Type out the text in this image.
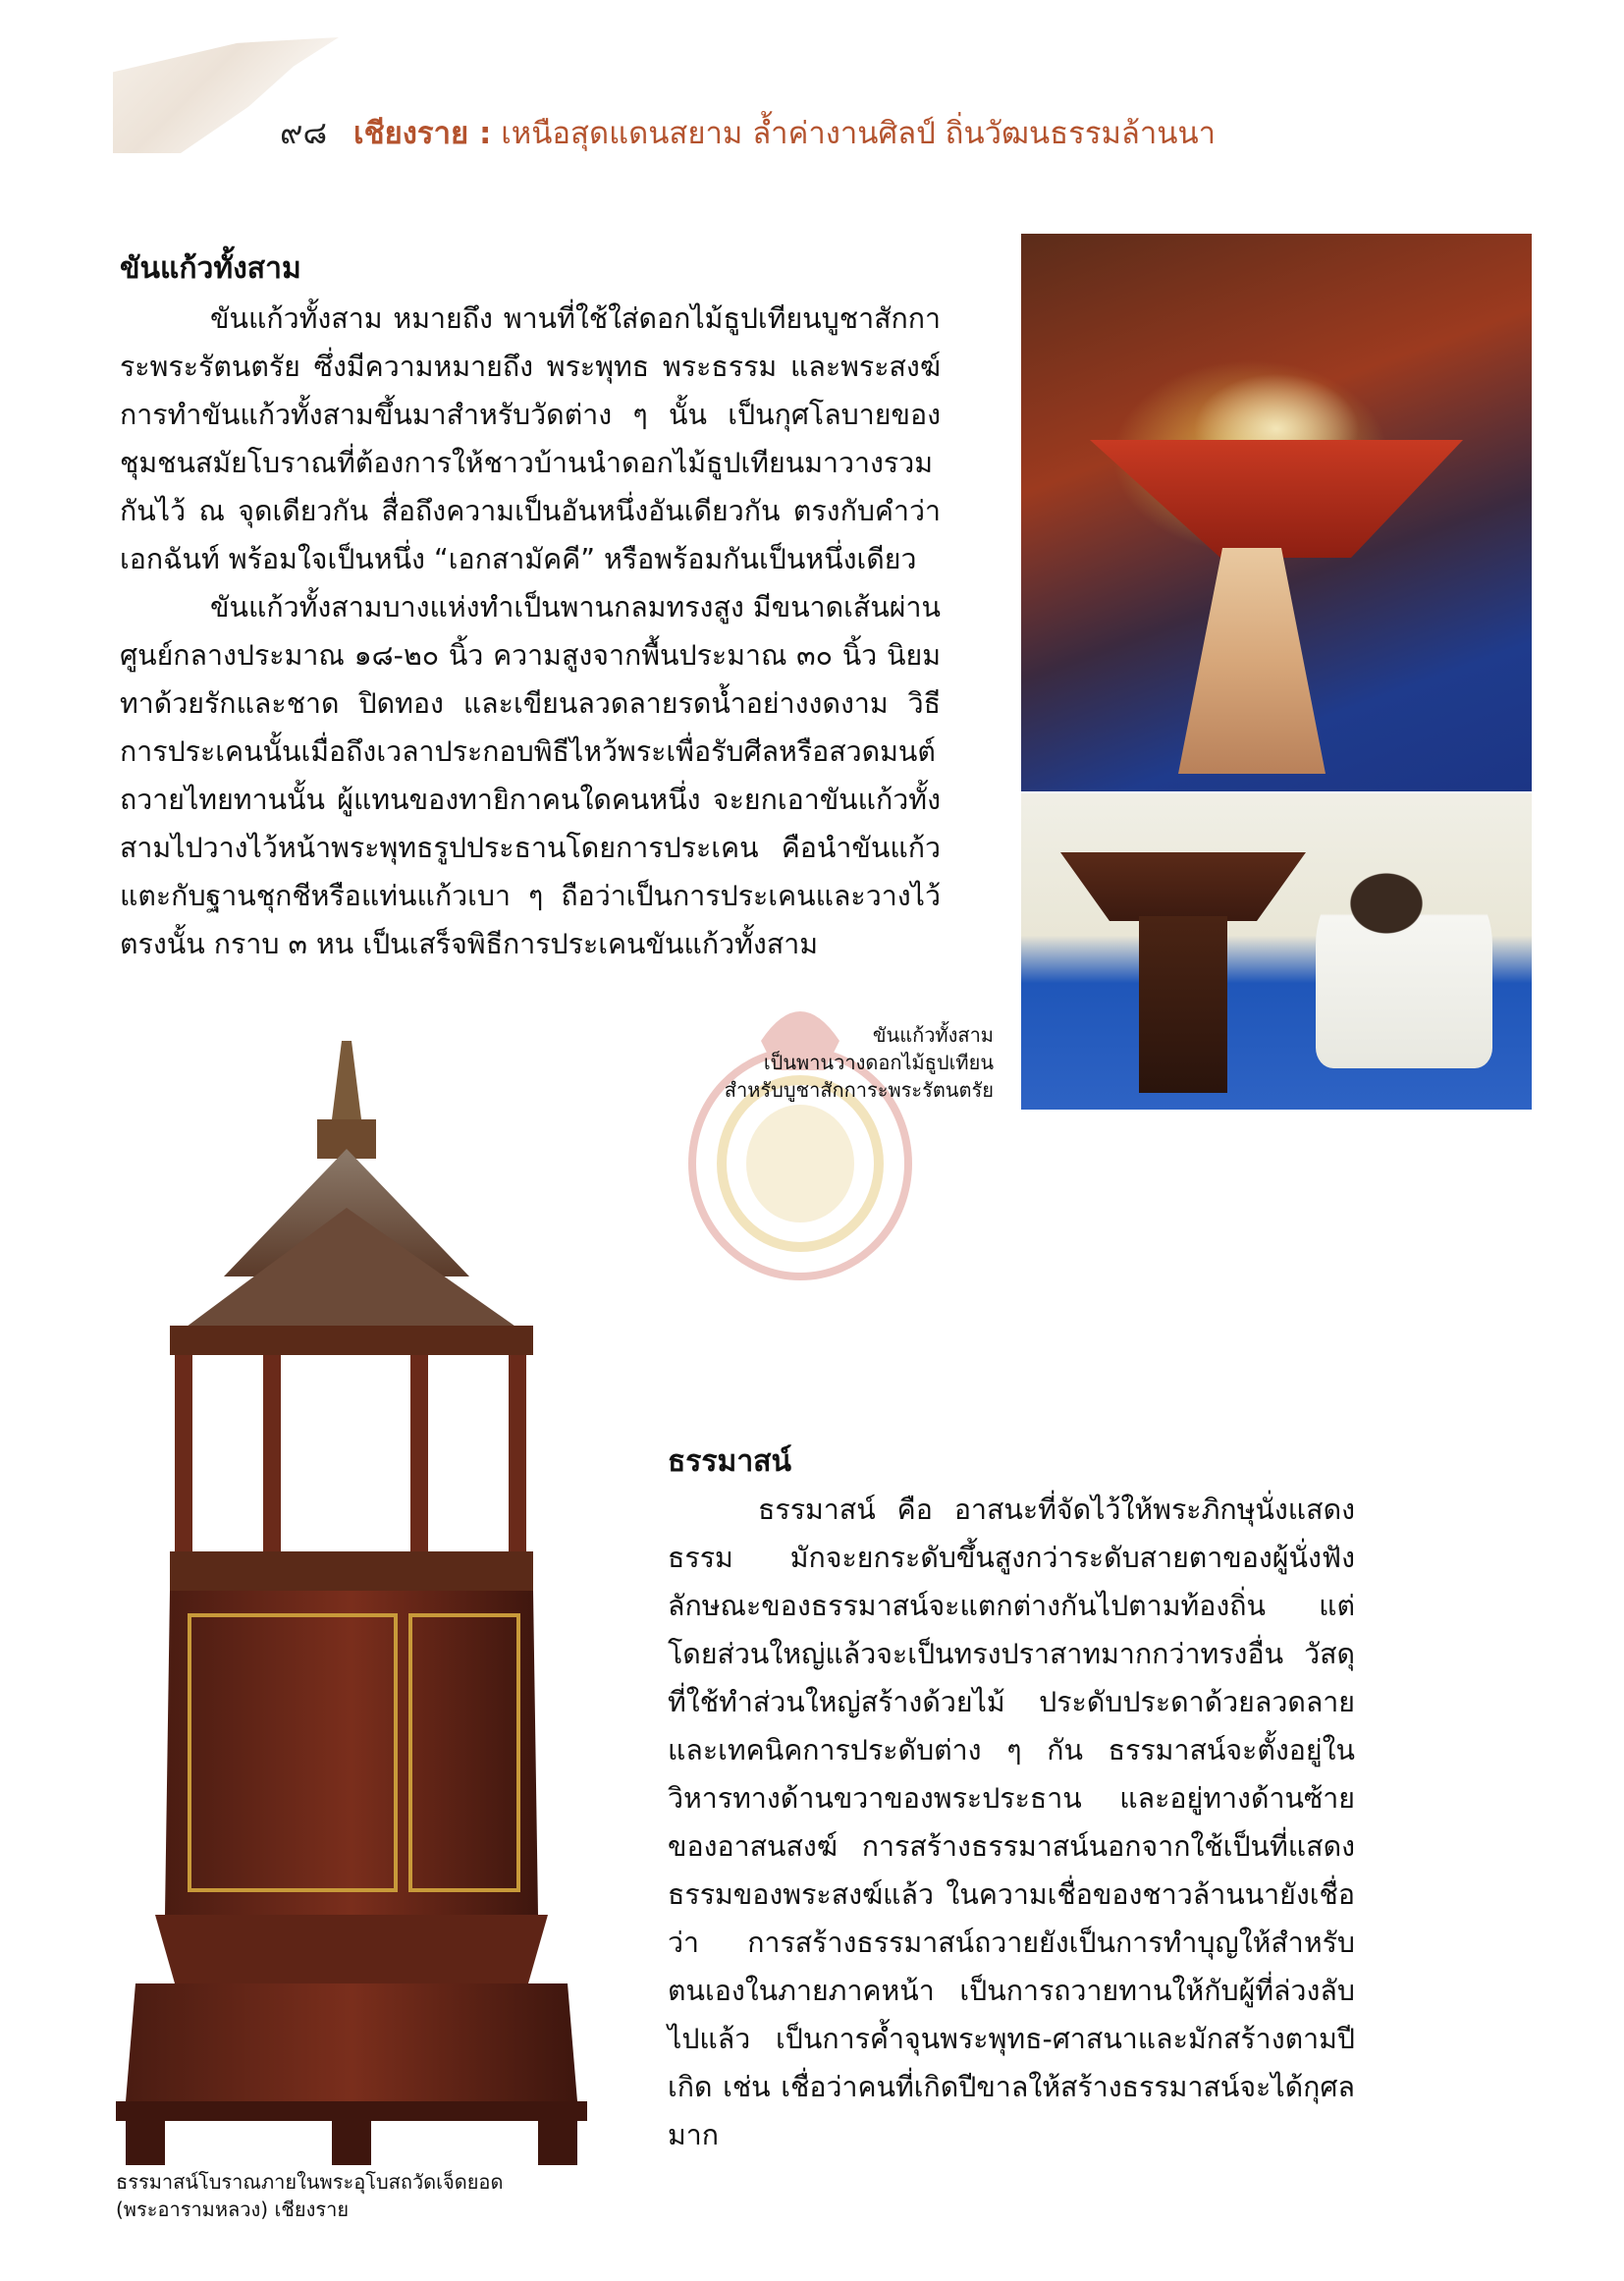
๙๘ เชียงราย : เหนือสุดแดนสยาม ล้ำค่างานศิลป์ ถิ่นวัฒนธรรมล้านนา
ขันแก้วทั้งสาม

ขันแก้วทั้งสาม หมายถึง พานที่ใช้ใส่ดอกไม้ธูปเทียนบูชาสักการะพระรัตนตรัย ซึ่งมีความหมายถึง พระพุทธ พระธรรม และพระสงฆ์ การทำขันแก้วทั้งสามขึ้นมาสำหรับวัดต่าง ๆ นั้น เป็นกุศโลบายของชุมชนสมัยโบราณที่ต้องการให้ชาวบ้านนำดอกไม้ธูปเทียนมาวางรวมกันไว้ ณ จุดเดียวกัน สื่อถึงความเป็นอันหนึ่งอันเดียวกัน ตรงกับคำว่า เอกฉันท์ พร้อมใจเป็นหนึ่ง “เอกสามัคคี” หรือพร้อมกันเป็นหนึ่งเดียว

ขันแก้วทั้งสามบางแห่งทำเป็นพานกลมทรงสูง มีขนาดเส้นผ่านศูนย์กลางประมาณ ๑๘-๒๐ นิ้ว ความสูงจากพื้นประมาณ ๓๐ นิ้ว นิยมทาด้วยรักและชาด ปิดทอง และเขียนลวดลายรดน้ำอย่างงดงาม วิธีการประเคนนั้นเมื่อถึงเวลาประกอบพิธีไหว้พระเพื่อรับศีลหรือสวดมนต์ถวายไทยทานนั้น ผู้แทนของทายิกาคนใดคนหนึ่ง จะยกเอาขันแก้วทั้งสามไปวางไว้หน้าพระพุทธรูปประธานโดยการประเคน คือนำขันแก้วแตะกับฐานชุกชีหรือแท่นแก้วเบา ๆ ถือว่าเป็นการประเคนและวางไว้ตรงนั้น กราบ ๓ หน เป็นเสร็จพิธีการประเคนขันแก้วทั้งสาม

ขันแก้วทั้งสาม
เป็นพานวางดอกไม้ธูปเทียน
สำหรับบูชาสักการะพระรัตนตรัย
ธรรมาสน์

ธรรมาสน์ คือ อาสนะที่จัดไว้ให้พระภิกษุนั่งแสดงธรรม มักจะยกระดับขึ้นสูงกว่าระดับสายตาของผู้นั่งฟัง ลักษณะของธรรมาสน์จะแตกต่างกันไปตามท้องถิ่น แต่โดยส่วนใหญ่แล้วจะเป็นทรงปราสาทมากกว่าทรงอื่น วัสดุที่ใช้ทำส่วนใหญ่สร้างด้วยไม้ ประดับประดาด้วยลวดลายและเทคนิคการประดับต่าง ๆ กัน ธรรมาสน์จะตั้งอยู่ในวิหารทางด้านขวาของพระประธาน และอยู่ทางด้านซ้ายของอาสนสงฆ์ การสร้างธรรมาสน์นอกจากใช้เป็นที่แสดงธรรมของพระสงฆ์แล้ว ในความเชื่อของชาวล้านนายังเชื่อว่า การสร้างธรรมาสน์ถวายยังเป็นการทำบุญให้สำหรับตนเองในภายภาคหน้า เป็นการถวายทานให้กับผู้ที่ล่วงลับไปแล้ว เป็นการค้ำจุนพระพุทธ-ศาสนาและมักสร้างตามปีเกิด เช่น เชื่อว่าคนที่เกิดปีขาลให้สร้างธรรมาสน์จะได้กุศลมาก

ธรรมาสน์โบราณภายในพระอุโบสถวัดเจ็ดยอด
(พระอารามหลวง) เชียงราย
